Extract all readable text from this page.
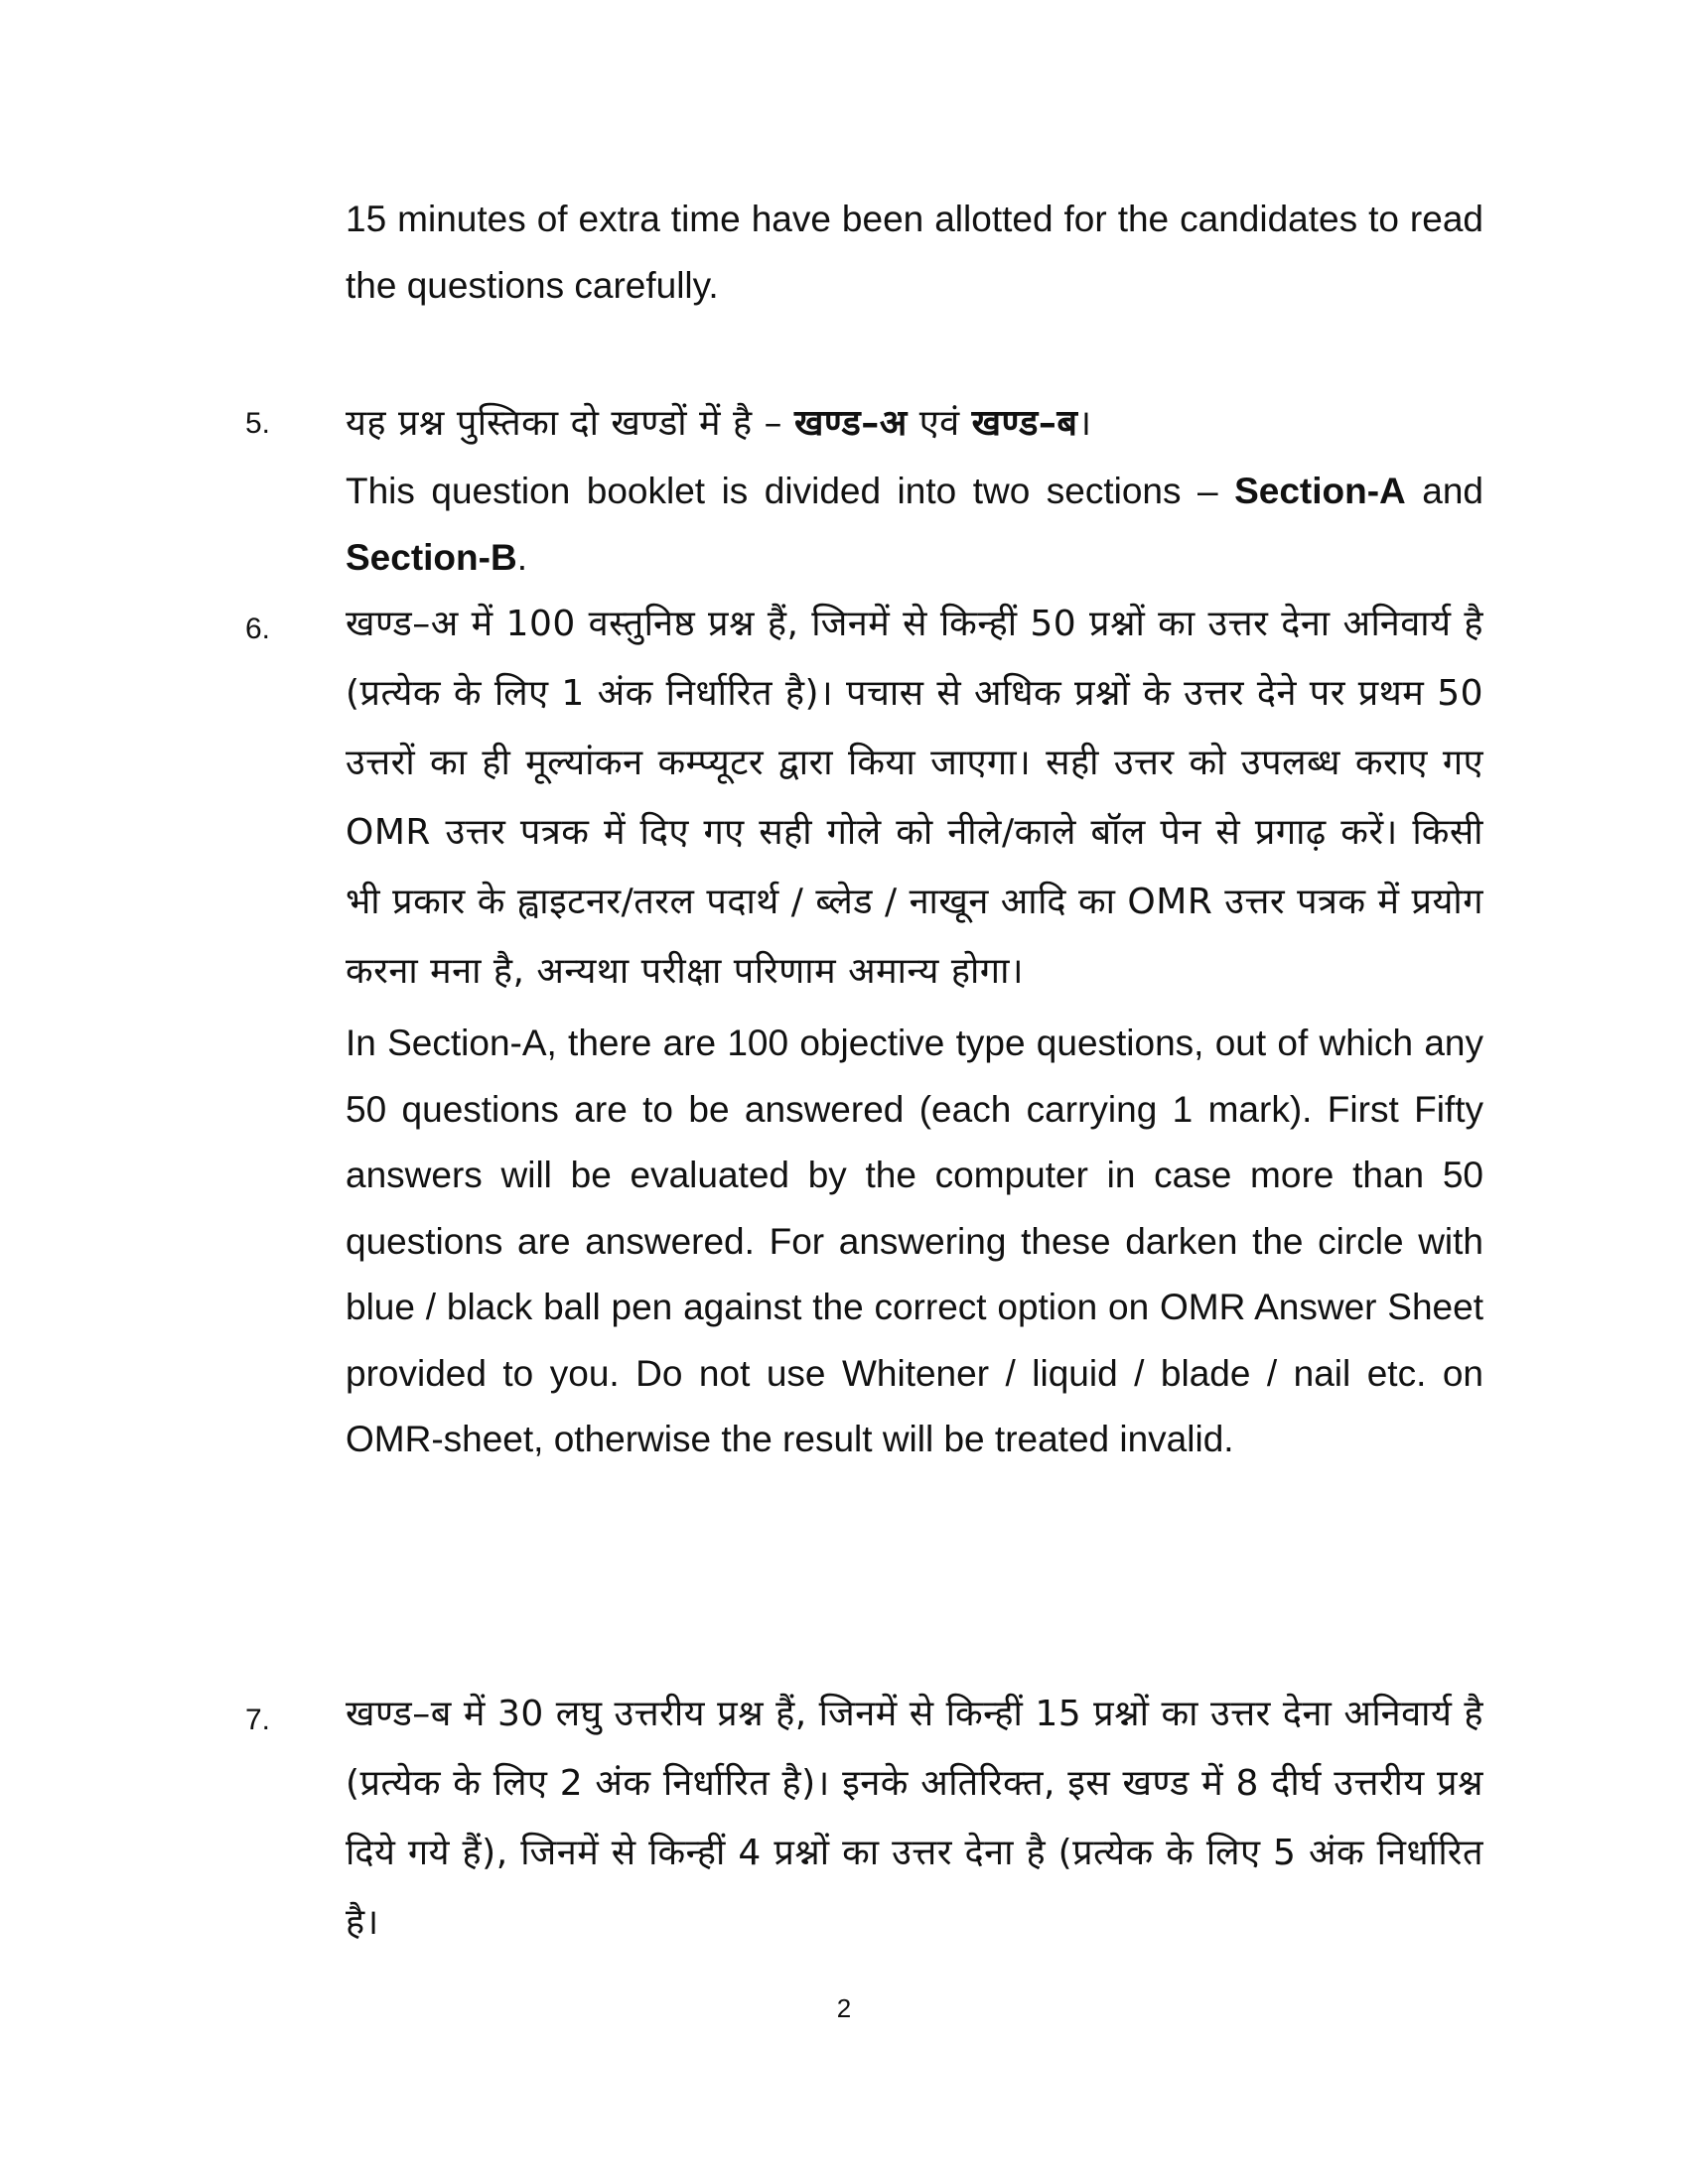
15 minutes of extra time have been allotted for the candidates to read the questions carefully.

5. यह प्रश्न पुस्तिका दो खण्डों में है – खण्ड–अ एवं खण्ड–ब।

This question booklet is divided into two sections – Section-A and Section-B.

6. खण्ड–अ में 100 वस्तुनिष्ठ प्रश्न हैं, जिनमें से किन्हीं 50 प्रश्नों का उत्तर देना अनिवार्य है (प्रत्येक के लिए 1 अंक निर्धारित है)। पचास से अधिक प्रश्नों के उत्तर देने पर प्रथम 50 उत्तरों का ही मूल्यांकन कम्प्यूटर द्वारा किया जाएगा। सही उत्तर को उपलब्ध कराए गए OMR उत्तर पत्रक में दिए गए सही गोले को नीले/काले बॉल पेन से प्रगाढ़ करें। किसी भी प्रकार के ह्वाइटनर/तरल पदार्थ / ब्लेड / नाखून आदि का OMR उत्तर पत्रक में प्रयोग करना मना है, अन्यथा परीक्षा परिणाम अमान्य होगा।

In Section-A, there are 100 objective type questions, out of which any 50 questions are to be answered (each carrying 1 mark). First Fifty answers will be evaluated by the computer in case more than 50 questions are answered. For answering these darken the circle with blue / black ball pen against the correct option on OMR Answer Sheet provided to you. Do not use Whitener / liquid / blade / nail etc. on OMR-sheet, otherwise the result will be treated invalid.

7. खण्ड–ब में 30 लघु उत्तरीय प्रश्न हैं, जिनमें से किन्हीं 15 प्रश्नों का उत्तर देना अनिवार्य है (प्रत्येक के लिए 2 अंक निर्धारित है)। इनके अतिरिक्त, इस खण्ड में 8 दीर्घ उत्तरीय प्रश्न दिये गये हैं), जिनमें से किन्हीं 4 प्रश्नों का उत्तर देना है (प्रत्येक के लिए 5 अंक निर्धारित है।

2
